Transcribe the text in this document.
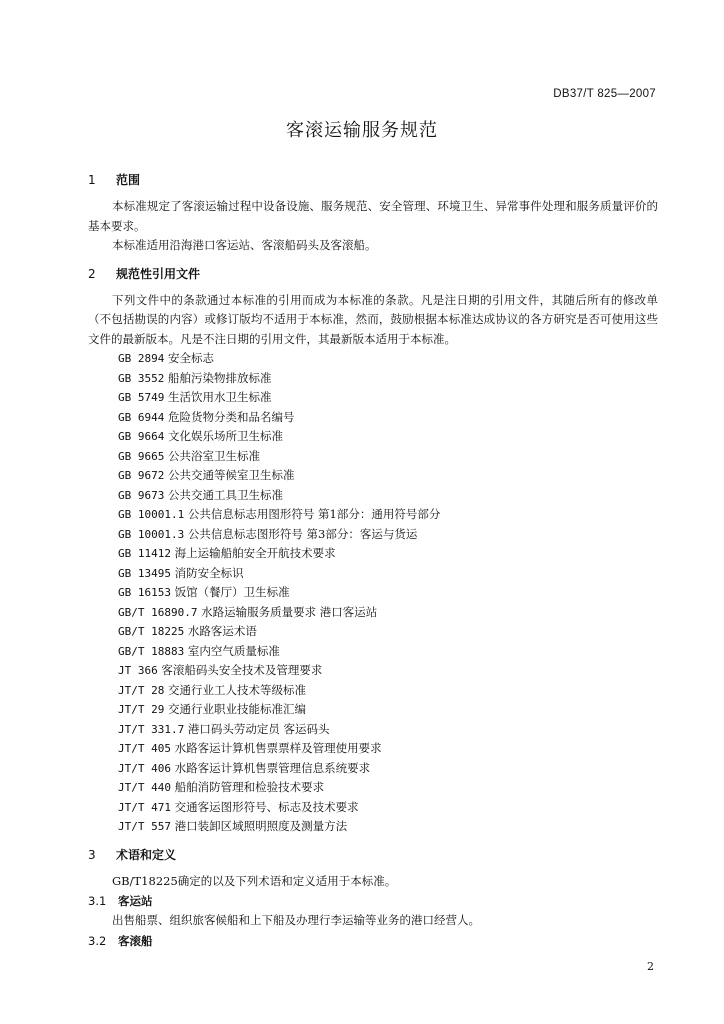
DB37/T 825—2007
客滚运输服务规范
1	范围

本标准规定了客滚运输过程中设备设施、服务规范、安全管理、环境卫生、异常事件处理和服务质量评价的基本要求。

本标准适用沿海港口客运站、客滚船码头及客滚船。

2	规范性引用文件

下列文件中的条款通过本标准的引用而成为本标准的条款。凡是注日期的引用文件，其随后所有的修改单（不包括勘误的内容）或修订版均不适用于本标准，然而，鼓励根据本标准达成协议的各方研究是否可使用这些文件的最新版本。凡是不注日期的引用文件，其最新版本适用于本标准。

GB 2894 安全标志
GB 3552 船舶污染物排放标准
GB 5749 生活饮用水卫生标准
GB 6944 危险货物分类和品名编号
GB 9664 文化娱乐场所卫生标准
GB 9665 公共浴室卫生标准
GB 9672 公共交通等候室卫生标准
GB 9673 公共交通工具卫生标准
GB 10001.1 公共信息标志用图形符号 第1部分：通用符号部分
GB 10001.3 公共信息标志图形符号 第3部分：客运与货运
GB 11412 海上运输船舶安全开航技术要求
GB 13495 消防安全标识
GB 16153 饭馆（餐厅）卫生标准
GB/T 16890.7 水路运输服务质量要求 港口客运站
GB/T 18225 水路客运术语
GB/T 18883 室内空气质量标准
JT 366 客滚船码头安全技术及管理要求
JT/T 28 交通行业工人技术等级标准
JT/T 29 交通行业职业技能标准汇编
JT/T 331.7 港口码头劳动定员 客运码头
JT/T 405 水路客运计算机售票票样及管理使用要求
JT/T 406 水路客运计算机售票管理信息系统要求
JT/T 440 船舶消防管理和检验技术要求
JT/T 471 交通客运图形符号、标志及技术要求
JT/T 557 港口装卸区域照明照度及测量方法
3	术语和定义

GB/T18225确定的以及下列术语和定义适用于本标准。

3.1	客运站

出售船票、组织旅客候船和上下船及办理行李运输等业务的港口经营人。

3.2	客滚船
2
